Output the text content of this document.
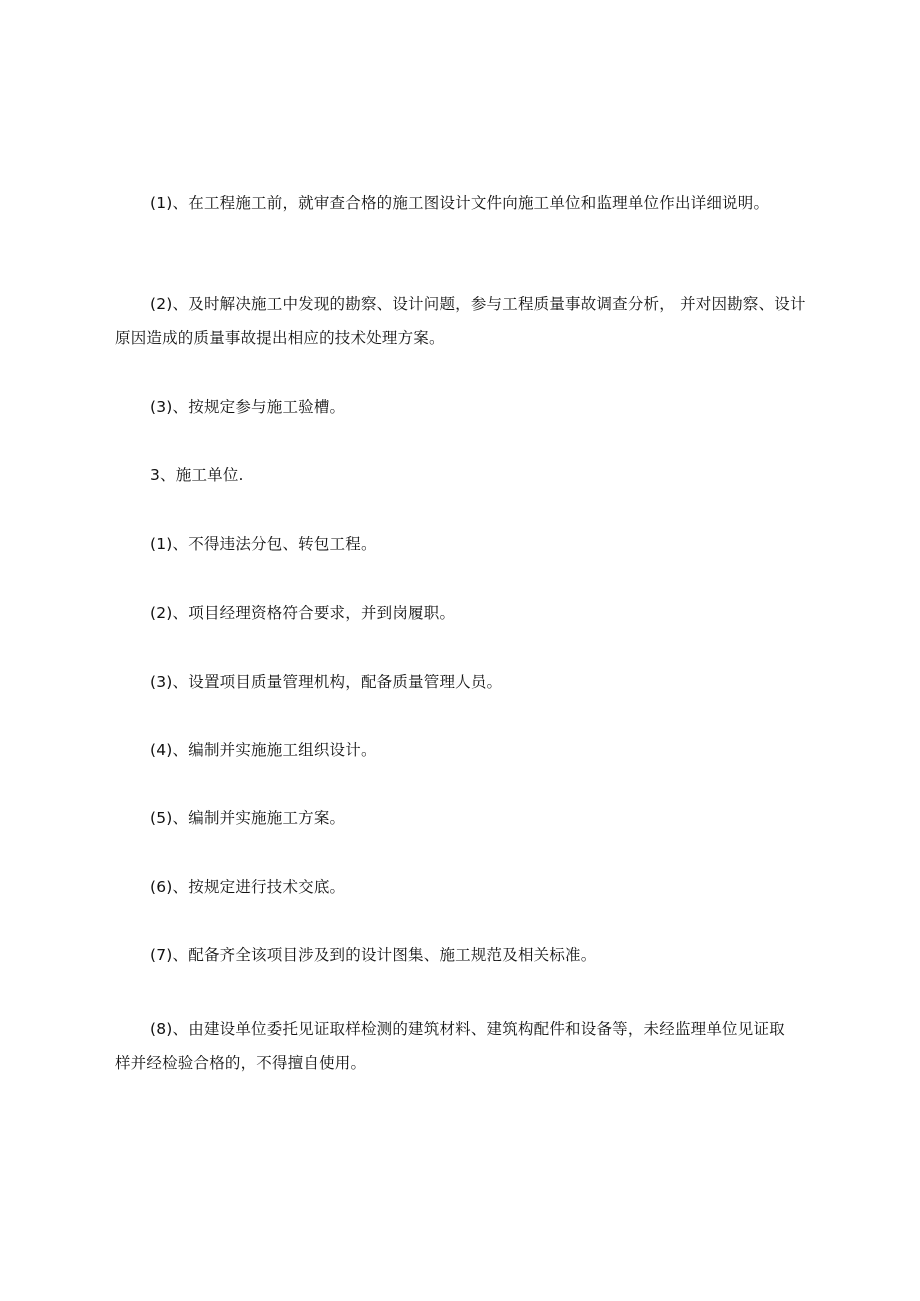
(1)、在工程施工前，就审查合格的施工图设计文件向施工单位和监理单位作出详细说明。

(2)、及时解决施工中发现的勘察、设计问题，参与工程质量事故调查分析， 并对因勘察、设计原因造成的质量事故提出相应的技术处理方案。

(3)、按规定参与施工验槽。

3、施工单位.

(1)、不得违法分包、转包工程。

(2)、项目经理资格符合要求，并到岗履职。

(3)、设置项目质量管理机构，配备质量管理人员。

(4)、编制并实施施工组织设计。

(5)、编制并实施施工方案。

(6)、按规定进行技术交底。

(7)、配备齐全该项目涉及到的设计图集、施工规范及相关标准。

(8)、由建设单位委托见证取样检测的建筑材料、建筑构配件和设备等，未经监理单位见证取样并经检验合格的，不得擅自使用。
